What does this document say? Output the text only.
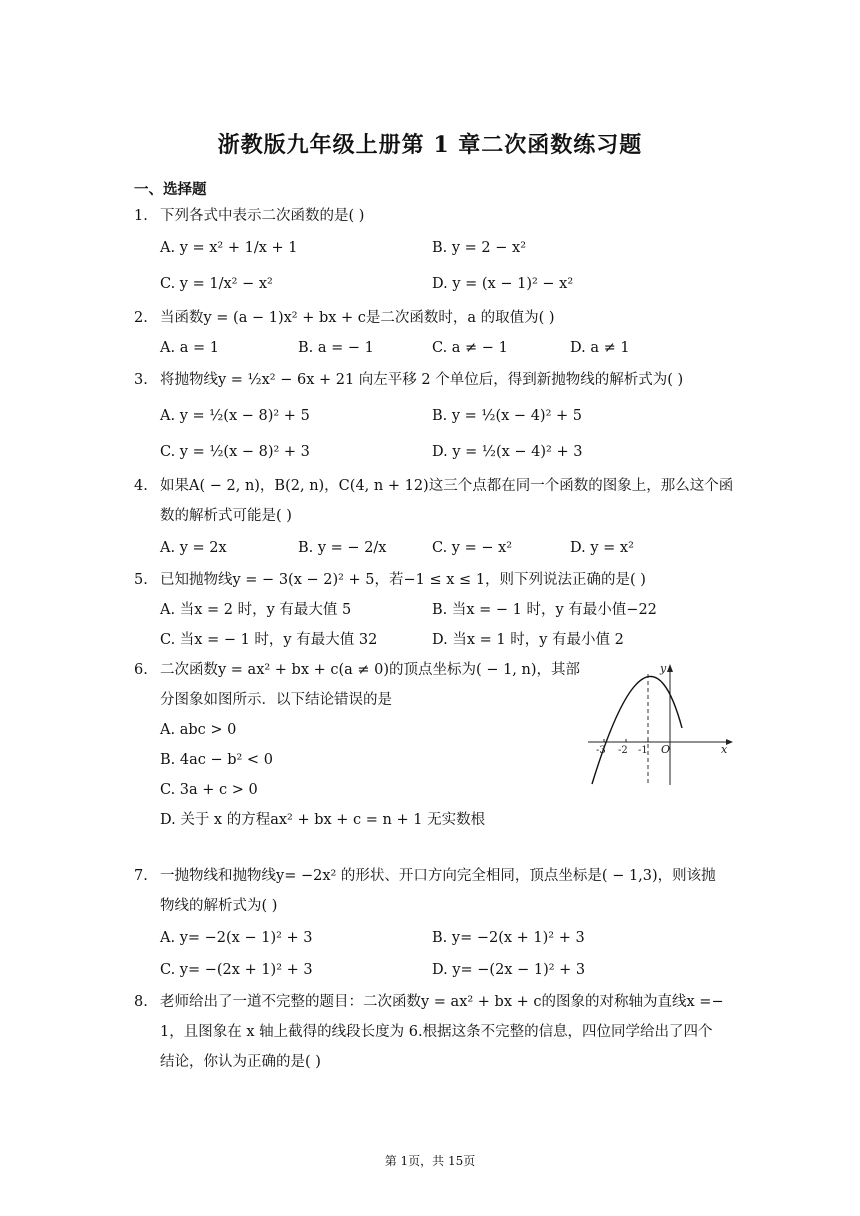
浙教版九年级上册第 1 章二次函数练习题
一、选择题
1. 下列各式中表示二次函数的是( )
A. y = x² + 1/x + 1	B. y = 2 − x²
C. y = 1/x² − x²	D. y = (x − 1)² − x²
2. 当函数y = (a − 1)x² + bx + c是二次函数时，a 的取值为( )
A. a = 1	B. a = − 1	C. a ≠ − 1	D. a ≠ 1
3. 将抛物线y = ½x² − 6x + 21 向左平移 2 个单位后，得到新抛物线的解析式为( )
A. y = ½(x − 8)² + 5	B. y = ½(x − 4)² + 5
C. y = ½(x − 8)² + 3	D. y = ½(x − 4)² + 3
4. 如果A( − 2, n)，B(2, n)，C(4, n + 12)这三个点都在同一个函数的图象上，那么这个函
数的解析式可能是( )
A. y = 2x	B. y = − 2/x	C. y = − x²	D. y = x²
5. 已知抛物线y = − 3(x − 2)² + 5，若−1 ≤ x ≤ 1，则下列说法正确的是( )
A. 当x = 2 时，y 有最大值 5	B. 当x = − 1 时，y 有最小值−22
C. 当x = − 1 时，y 有最大值 32	D. 当x = 1 时，y 有最小值 2
6. 二次函数y = ax² + bx + c(a ≠ 0)的顶点坐标为( − 1, n)，其部
分图象如图所示．以下结论错误的是
A. abc > 0
B. 4ac − b² < 0
C. 3a + c > 0
D. 关于 x 的方程ax² + bx + c = n + 1 无实数根
x
y
-3 -2 -1 O
7. 一抛物线和抛物线y= −2x² 的形状、开口方向完全相同，顶点坐标是( − 1,3)，则该抛
物线的解析式为( )
A. y= −2(x − 1)² + 3	B. y= −2(x + 1)² + 3
C. y= −(2x + 1)² + 3	D. y= −(2x − 1)² + 3
8. 老师给出了一道不完整的题目：二次函数y = ax² + bx + c的图象的对称轴为直线x =−
1，且图象在 x 轴上截得的线段长度为 6.根据这条不完整的信息，四位同学给出了四个
结论，你认为正确的是( )
第 1页，共 15页
